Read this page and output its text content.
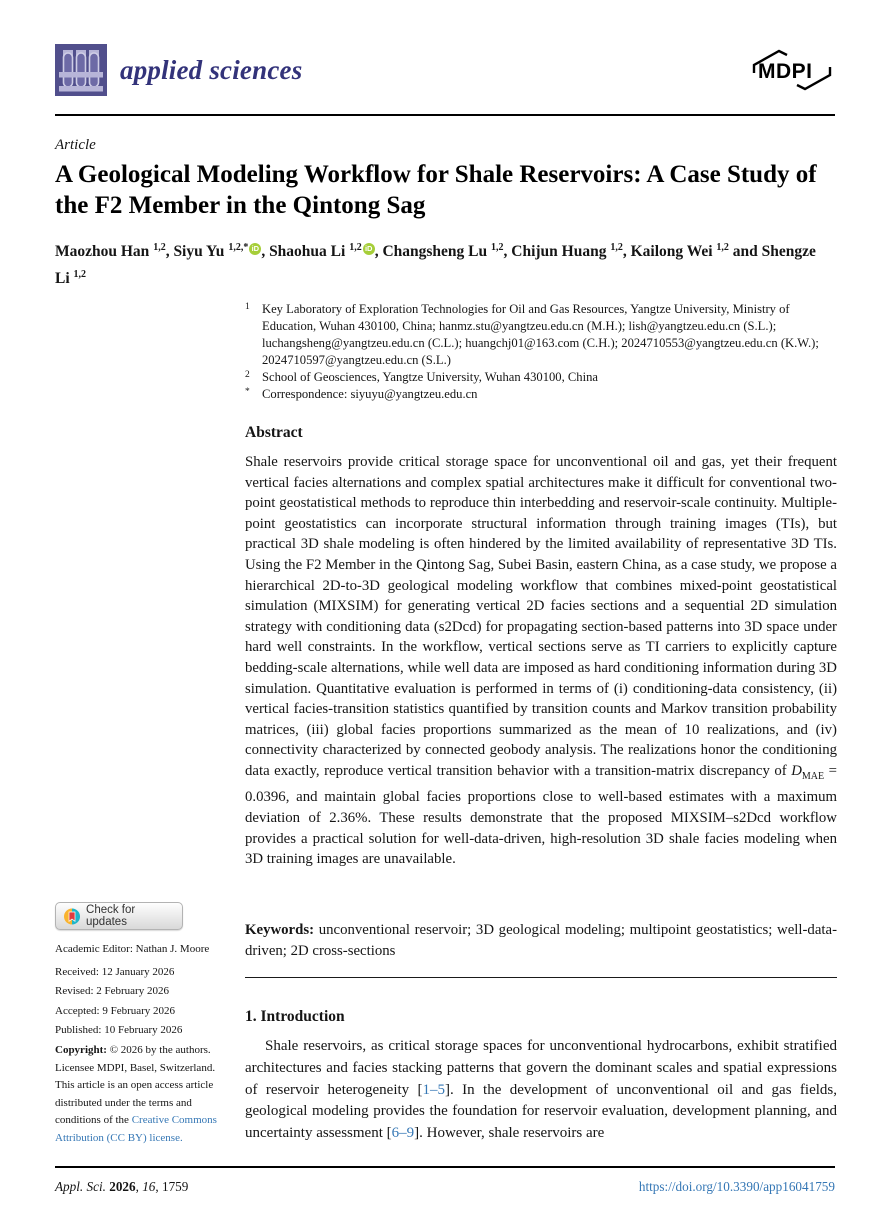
applied sciences	MDPI
Article
A Geological Modeling Workflow for Shale Reservoirs: A Case Study of the F2 Member in the Qintong Sag
Maozhou Han $^{1,2}$, Siyu Yu $^{1,2,*}$ iD , Shaohua Li $^{1,2}$ iD , Changsheng Lu $^{1,2}$, Chijun Huang $^{1,2}$, Kailong Wei $^{1,2}$ and Shengze Li $^{1,2}$
1 Key Laboratory of Exploration Technologies for Oil and Gas Resources, Yangtze University, Ministry of Education, Wuhan 430100, China; hanmz.stu@yangtzeu.edu.cn (M.H.); lish@yangtzeu.edu.cn (S.L.); luchangsheng@yangtzeu.edu.cn (C.L.); huangchj01@163.com (C.H.); 2024710553@yangtzeu.edu.cn (K.W.); 2024710597@yangtzeu.edu.cn (S.L.)
2 School of Geosciences, Yangtze University, Wuhan 430100, China
* Correspondence: siyuyu@yangtzeu.edu.cn
Abstract
Shale reservoirs provide critical storage space for unconventional oil and gas, yet their frequent vertical facies alternations and complex spatial architectures make it difficult for conventional two-point geostatistical methods to reproduce thin interbedding and reservoir-scale continuity. Multiple-point geostatistics can incorporate structural information through training images (TIs), but practical 3D shale modeling is often hindered by the limited availability of representative 3D TIs. Using the F2 Member in the Qintong Sag, Subei Basin, eastern China, as a case study, we propose a hierarchical 2D-to-3D geological modeling workflow that combines mixed-point geostatistical simulation (MIXSIM) for generating vertical 2D facies sections and a sequential 2D simulation strategy with conditioning data (s2Dcd) for propagating section-based patterns into 3D space under hard well constraints. In the workflow, vertical sections serve as TI carriers to explicitly capture bedding-scale alternations, while well data are imposed as hard conditioning information during 3D simulation. Quantitative evaluation is performed in terms of (i) conditioning-data consistency, (ii) vertical facies-transition statistics quantified by transition counts and Markov transition probability matrices, (iii) global facies proportions summarized as the mean of 10 realizations, and (iv) connectivity characterized by connected geobody analysis. The realizations honor the conditioning data exactly, reproduce vertical transition behavior with a transition-matrix discrepancy of $D_{MAE} = 0.0396$, and maintain global facies proportions close to well-based estimates with a maximum deviation of 2.36%. These results demonstrate that the proposed MIXSIM–s2Dcd workflow provides a practical solution for well-data-driven, high-resolution 3D shale facies modeling when 3D training images are unavailable.
Keywords: unconventional reservoir; 3D geological modeling; multipoint geostatistics; well-data-driven; 2D cross-sections
1. Introduction
Shale reservoirs, as critical storage spaces for unconventional hydrocarbons, exhibit stratified architectures and facies stacking patterns that govern the dominant scales and spatial expressions of reservoir heterogeneity [1–5]. In the development of unconventional oil and gas fields, geological modeling provides the foundation for reservoir evaluation, development planning, and uncertainty assessment [6–9]. However, shale reservoirs are
Check for updates
Academic Editor: Nathan J. Moore
Received: 12 January 2026
Revised: 2 February 2026
Accepted: 9 February 2026
Published: 10 February 2026
Copyright: © 2026 by the authors. Licensee MDPI, Basel, Switzerland. This article is an open access article distributed under the terms and conditions of the Creative Commons Attribution (CC BY) license.
Appl. Sci. 2026, 16, 1759	https://doi.org/10.3390/app16041759
